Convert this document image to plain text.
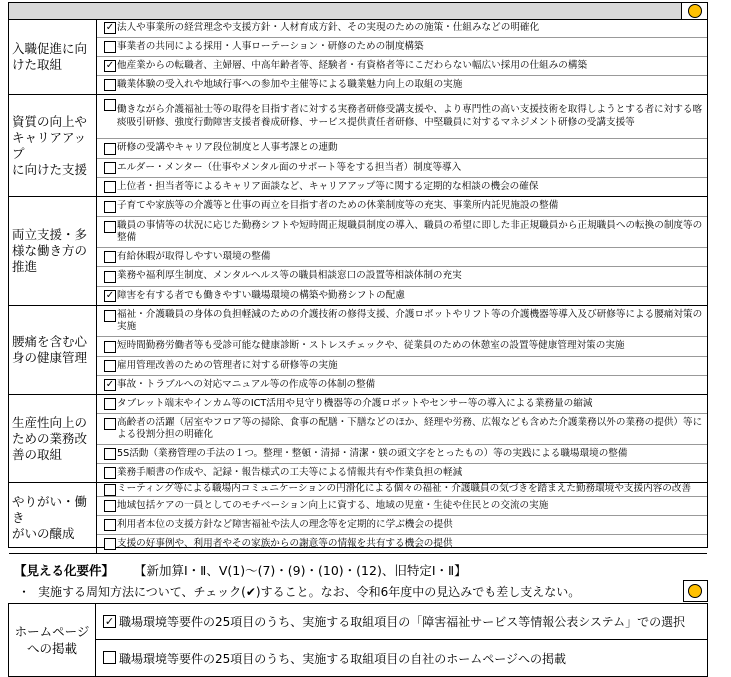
入職促進に向
けた取組
✓
法人や事業所の経営理念や支援方針・人材育成方針、その実現のための施策・仕組みなどの明確化
事業者の共同による採用・人事ローテーション・研修のための制度構築
✓
他産業からの転職者、主婦層、中高年齢者等、経験者・有資格者等にこだわらない幅広い採用の仕組みの構築
職業体験の受入れや地域行事への参加や主催等による職業魅力向上の取組の実施
資質の向上や
キャリアアップ
に向けた支援
働きながら介護福祉士等の取得を目指す者に対する実務者研修受講支援や、より専門性の高い支援技術を取得しようとする者に対する喀痰吸引研修、強度行動障害支援者養成研修、サービス提供責任者研修、中堅職員に対するマネジメント研修の受講支援等
研修の受講やキャリア段位制度と人事考課との連動
エルダー・メンター（仕事やメンタル面のサポート等をする担当者）制度等導入
上位者・担当者等によるキャリア面談など、キャリアアップ等に関する定期的な相談の機会の確保
両立支援・多
様な働き方の
推進
子育てや家族等の介護等と仕事の両立を目指す者のための休業制度等の充実、事業所内託児施設の整備
職員の事情等の状況に応じた勤務シフトや短時間正規職員制度の導入、職員の希望に即した非正規職員から正規職員への転換の制度等の整備
有給休暇が取得しやすい環境の整備
業務や福利厚生制度、メンタルヘルス等の職員相談窓口の設置等相談体制の充実
✓
障害を有する者でも働きやすい職場環境の構築や勤務シフトの配慮
腰痛を含む心
身の健康管理
福祉・介護職員の身体の負担軽減のための介護技術の修得支援、介護ロボットやリフト等の介護機器等導入及び研修等による腰痛対策の実施
短時間勤務労働者等も受診可能な健康診断・ストレスチェックや、従業員のための休憩室の設置等健康管理対策の実施
雇用管理改善のための管理者に対する研修等の実施
✓
事故・トラブルへの対応マニュアル等の作成等の体制の整備
生産性向上の
ための業務改
善の取組
タブレット端末やインカム等のICT活用や見守り機器等の介護ロボットやセンサー等の導入による業務量の縮減
高齢者の活躍（居室やフロア等の掃除、食事の配膳・下膳などのほか、経理や労務、広報なども含めた介護業務以外の業務の提供）等による役割分担の明確化
5S活動（業務管理の手法の１つ。整理・整頓・清掃・清潔・躾の頭文字をとったもの）等の実践による職場環境の整備
業務手順書の作成や、記録・報告様式の工夫等による情報共有や作業負担の軽減
やりがい・働き
がいの醸成
ミーティング等による職場内コミュニケーションの円滑化による個々の福祉・介護職員の気づきを踏まえた勤務環境や支援内容の改善
地域包括ケアの一員としてのモチベーション向上に資する、地域の児童・生徒や住民との交流の実施
利用者本位の支援方針など障害福祉や法人の理念等を定期的に学ぶ機会の提供
支援の好事例や、利用者やその家族からの謝意等の情報を共有する機会の提供
【見える化要件】 【新加算Ⅰ・Ⅱ、Ⅴ(1)～(7)・(9)・(10)・(12)、旧特定Ⅰ・Ⅱ】
・ 実施する周知方法について、チェック(✔)すること。なお、令和6年度中の見込みでも差し支えない。
ホームページ
への掲載
✓
職場環境等要件の25項目のうち、実施する取組項目の「障害福祉サービス等情報公表システム」での選択
職場環境等要件の25項目のうち、実施する取組項目の自社のホームページへの掲載
